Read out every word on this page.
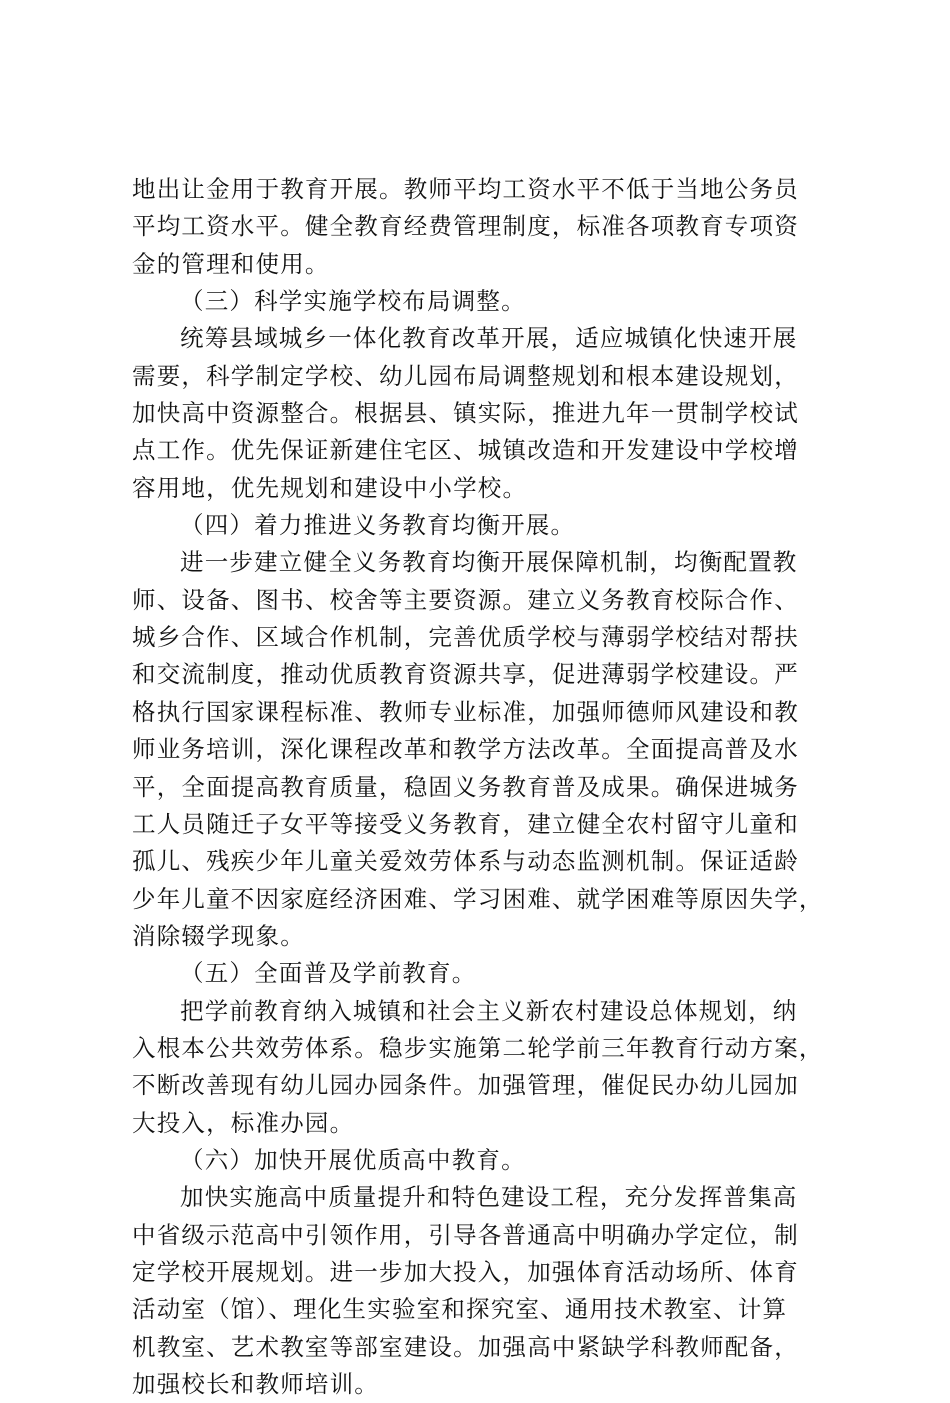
地出让金用于教育开展。教师平均工资水平不低于当地公务员
平均工资水平。健全教育经费管理制度，标准各项教育专项资
金的管理和使用。
（三）科学实施学校布局调整。
统筹县域城乡一体化教育改革开展，适应城镇化快速开展
需要，科学制定学校、幼儿园布局调整规划和根本建设规划，
加快高中资源整合。根据县、镇实际，推进九年一贯制学校试
点工作。优先保证新建住宅区、城镇改造和开发建设中学校增
容用地，优先规划和建设中小学校。
（四）着力推进义务教育均衡开展。
进一步建立健全义务教育均衡开展保障机制，均衡配置教
师、设备、图书、校舍等主要资源。建立义务教育校际合作、
城乡合作、区域合作机制，完善优质学校与薄弱学校结对帮扶
和交流制度，推动优质教育资源共享，促进薄弱学校建设。严
格执行国家课程标准、教师专业标准，加强师德师风建设和教
师业务培训，深化课程改革和教学方法改革。全面提高普及水
平，全面提高教育质量，稳固义务教育普及成果。确保进城务
工人员随迁子女平等接受义务教育，建立健全农村留守儿童和
孤儿、残疾少年儿童关爱效劳体系与动态监测机制。保证适龄
少年儿童不因家庭经济困难、学习困难、就学困难等原因失学，
消除辍学现象。
（五）全面普及学前教育。
把学前教育纳入城镇和社会主义新农村建设总体规划，纳
入根本公共效劳体系。稳步实施第二轮学前三年教育行动方案，
不断改善现有幼儿园办园条件。加强管理，催促民办幼儿园加
大投入，标准办园。
（六）加快开展优质高中教育。
加快实施高中质量提升和特色建设工程，充分发挥普集高
中省级示范高中引领作用，引导各普通高中明确办学定位，制
定学校开展规划。进一步加大投入，加强体育活动场所、体育
活动室（馆）、理化生实验室和探究室、通用技术教室、计算
机教室、艺术教室等部室建设。加强高中紧缺学科教师配备，
加强校长和教师培训。
